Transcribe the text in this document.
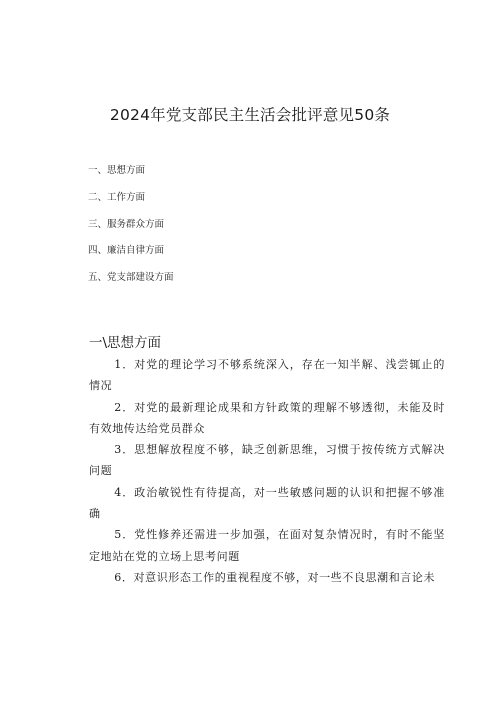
2024年党支部民主生活会批评意见50条
一、思想方面
二、工作方面
三、服务群众方面
四、廉洁自律方面
五、党支部建设方面
一\思想方面
1．对党的理论学习不够系统深入，存在一知半解、浅尝辄止的情况
2．对党的最新理论成果和方针政策的理解不够透彻，未能及时有效地传达给党员群众
3．思想解放程度不够，缺乏创新思维，习惯于按传统方式解决问题
4．政治敏锐性有待提高，对一些敏感问题的认识和把握不够准确
5．党性修养还需进一步加强，在面对复杂情况时，有时不能坚定地站在党的立场上思考问题
6．对意识形态工作的重视程度不够，对一些不良思潮和言论未
